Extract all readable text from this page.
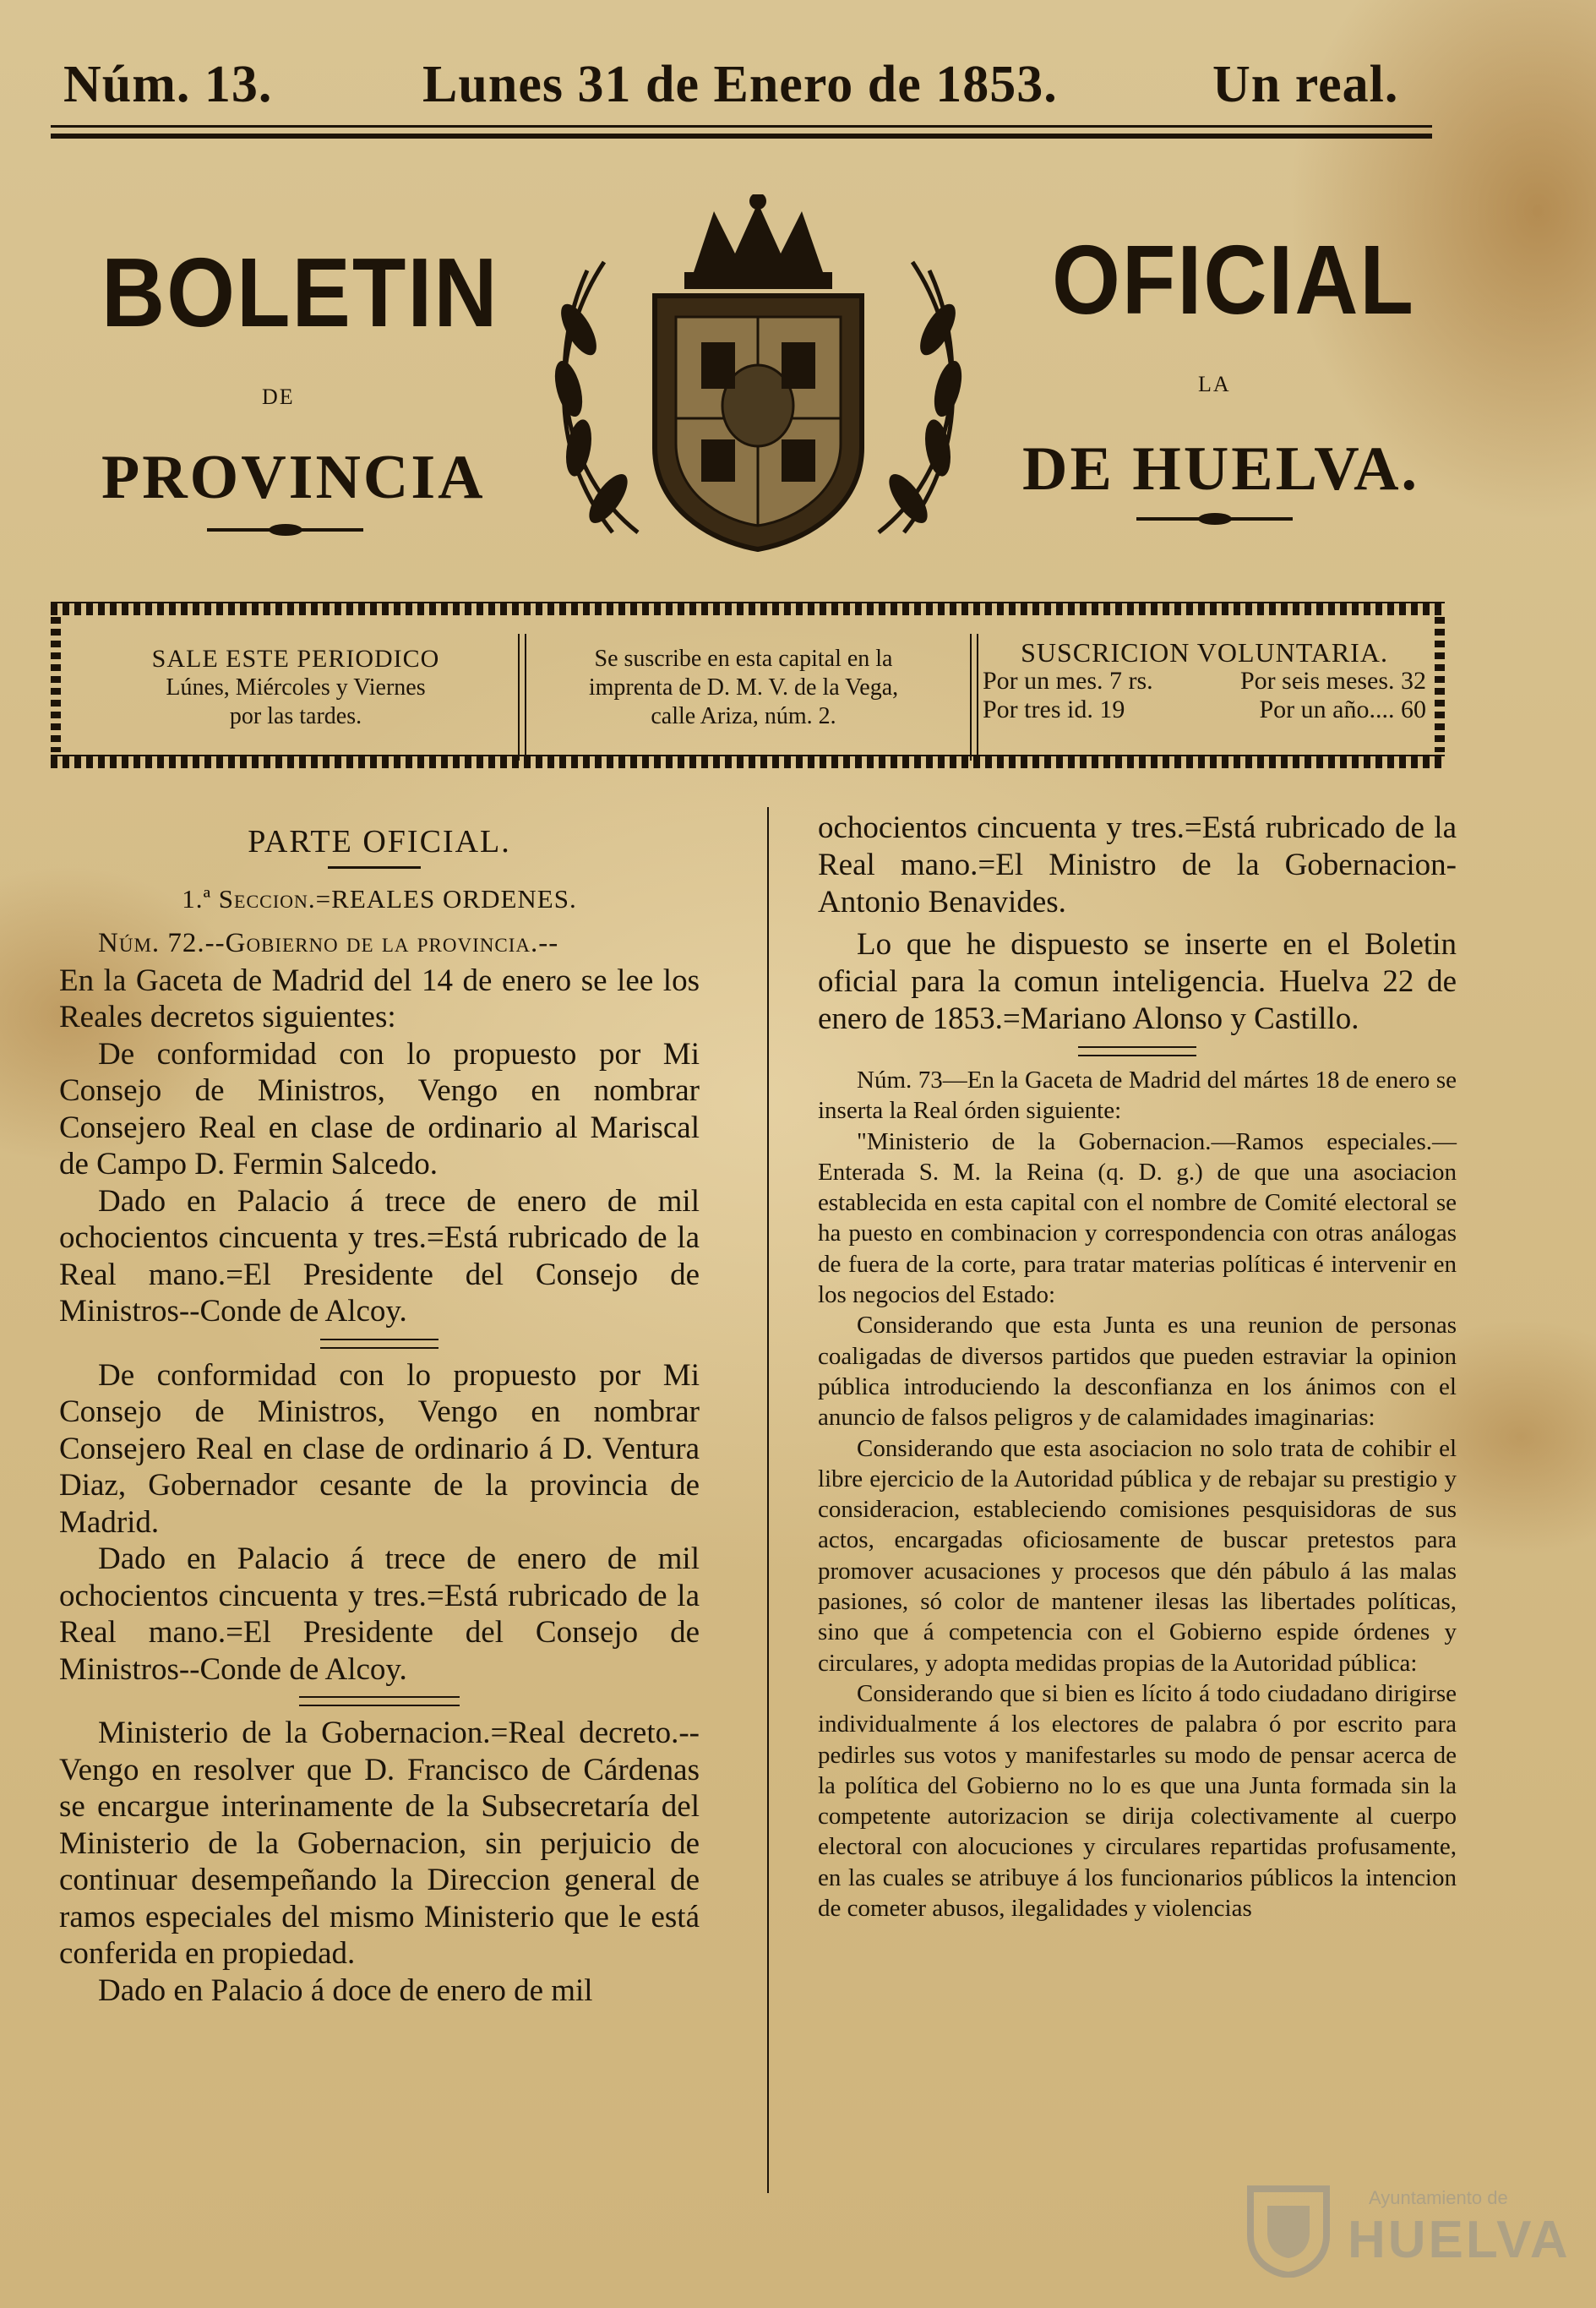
Núm. 13.	Lunes 31 de Enero de 1853.	Un real.
BOLETIN	OFICIAL
DE
LA
PROVINCIA	DE HUELVA.
SALE ESTE PERIODICO
Lúnes, Miércoles y Viernes
por las tardes.
Se suscribe en esta capital en la
imprenta de D. M. V. de la Vega,
calle Ariza, núm. 2.
SUSCRICION VOLUNTARIA.
Por un mes. 7 rs.	Por seis meses. 32
Por tres id. 19	Por un año.... 60
PARTE OFICIAL.
1.ª Seccion.=REALES ORDENES.

Núm. 72.--Gobierno de la provincia.--

En la Gaceta de Madrid del 14 de enero se lee los Reales decretos siguientes:

De conformidad con lo propuesto por Mi Consejo de Ministros, Vengo en nombrar Consejero Real en clase de ordinario al Mariscal de Campo D. Fermin Salcedo.

Dado en Palacio á trece de enero de mil ochocientos cincuenta y tres.=Está rubricado de la Real mano.=El Presidente del Consejo de Ministros--Conde de Alcoy.

De conformidad con lo propuesto por Mi Consejo de Ministros, Vengo en nombrar Consejero Real en clase de ordinario á D. Ventura Diaz, Gobernador cesante de la provincia de Madrid.

Dado en Palacio á trece de enero de mil ochocientos cincuenta y tres.=Está rubricado de la Real mano.=El Presidente del Consejo de Ministros--Conde de Alcoy.

Ministerio de la Gobernacion.=Real decreto.--Vengo en resolver que D. Francisco de Cárdenas se encargue interinamente de la Subsecretaría del Ministerio de la Gobernacion, sin perjuicio de continuar desempeñando la Direccion general de ramos especiales del mismo Ministerio que le está conferida en propiedad.

Dado en Palacio á doce de enero de mil

ochocientos cincuenta y tres.=Está rubricado de la Real mano.=El Ministro de la Gobernacion-Antonio Benavides.

Lo que he dispuesto se inserte en el Boletin oficial para la comun inteligencia. Huelva 22 de enero de 1853.=Mariano Alonso y Castillo.

Núm. 73—En la Gaceta de Madrid del mártes 18 de enero se inserta la Real órden siguiente:

"Ministerio de la Gobernacion.—Ramos especiales.—Enterada S. M. la Reina (q. D. g.) de que una asociacion establecida en esta capital con el nombre de Comité electoral se ha puesto en combinacion y correspondencia con otras análogas de fuera de la corte, para tratar materias políticas é intervenir en los negocios del Estado:

Considerando que esta Junta es una reunion de personas coaligadas de diversos partidos que pueden estraviar la opinion pública introduciendo la desconfianza en los ánimos con el anuncio de falsos peligros y de calamidades imaginarias:

Considerando que esta asociacion no solo trata de cohibir el libre ejercicio de la Autoridad pública y de rebajar su prestigio y consideracion, estableciendo comisiones pesquisidoras de sus actos, encargadas oficiosamente de buscar pretestos para promover acusaciones y procesos que dén pábulo á las malas pasiones, só color de mantener ilesas las libertades políticas, sino que á competencia con el Gobierno espide órdenes y circulares, y adopta medidas propias de la Autoridad pública:

Considerando que si bien es lícito á todo ciudadano dirigirse individualmente á los electores de palabra ó por escrito para pedirles sus votos y manifestarles su modo de pensar acerca de la política del Gobierno no lo es que una Junta formada sin la competente autorizacion se dirija colectivamente al cuerpo electoral con alocuciones y circulares repartidas profusamente, en las cuales se atribuye á los funcionarios públicos la intencion de cometer abusos, ilegalidades y violencias

Ayuntamiento de
HUELVA
